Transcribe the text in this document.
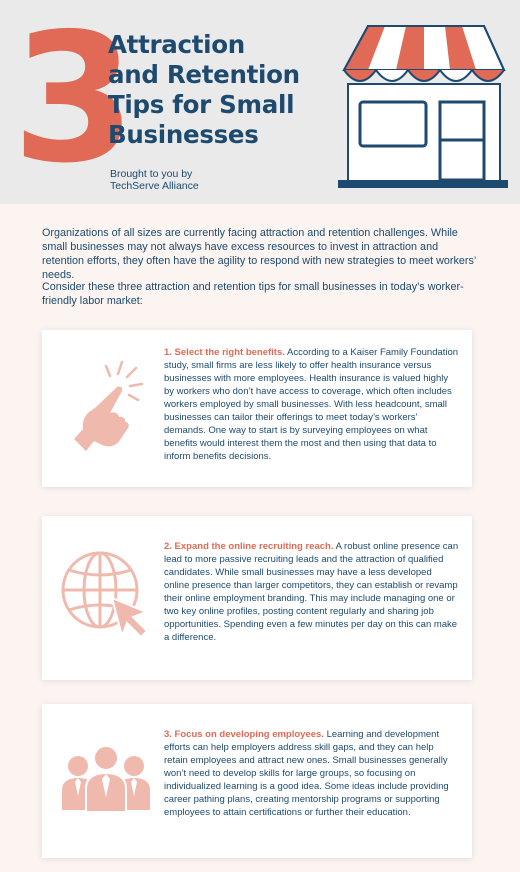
3
Attraction
and Retention
Tips for Small
Businesses
Brought to you by
TechServe Alliance
Organizations of all sizes are currently facing attraction and retention challenges. While small businesses may not always have excess resources to invest in attraction and retention efforts, they often have the agility to respond with new strategies to meet workers’ needs.
Consider these three attraction and retention tips for small businesses in today’s worker-friendly labor market:
1. Select the right benefits. According to a Kaiser Family Foundation study, small firms are less likely to offer health insurance versus businesses with more employees. Health insurance is valued highly by workers who don’t have access to coverage, which often includes workers employed by small businesses. With less headcount, small businesses can tailor their offerings to meet today’s workers’ demands. One way to start is by surveying employees on what benefits would interest them the most and then using that data to inform benefits decisions.
2. Expand the online recruiting reach. A robust online presence can lead to more passive recruiting leads and the attraction of qualified candidates. While small businesses may have a less developed online presence than larger competitors, they can establish or revamp their online employment branding. This may include managing one or two key online profiles, posting content regularly and sharing job opportunities. Spending even a few minutes per day on this can make a difference.
3. Focus on developing employees. Learning and development efforts can help employers address skill gaps, and they can help retain employees and attract new ones. Small businesses generally won’t need to develop skills for large groups, so focusing on individualized learning is a good idea. Some ideas include providing career pathing plans, creating mentorship programs or supporting employees to attain certifications or further their education.
